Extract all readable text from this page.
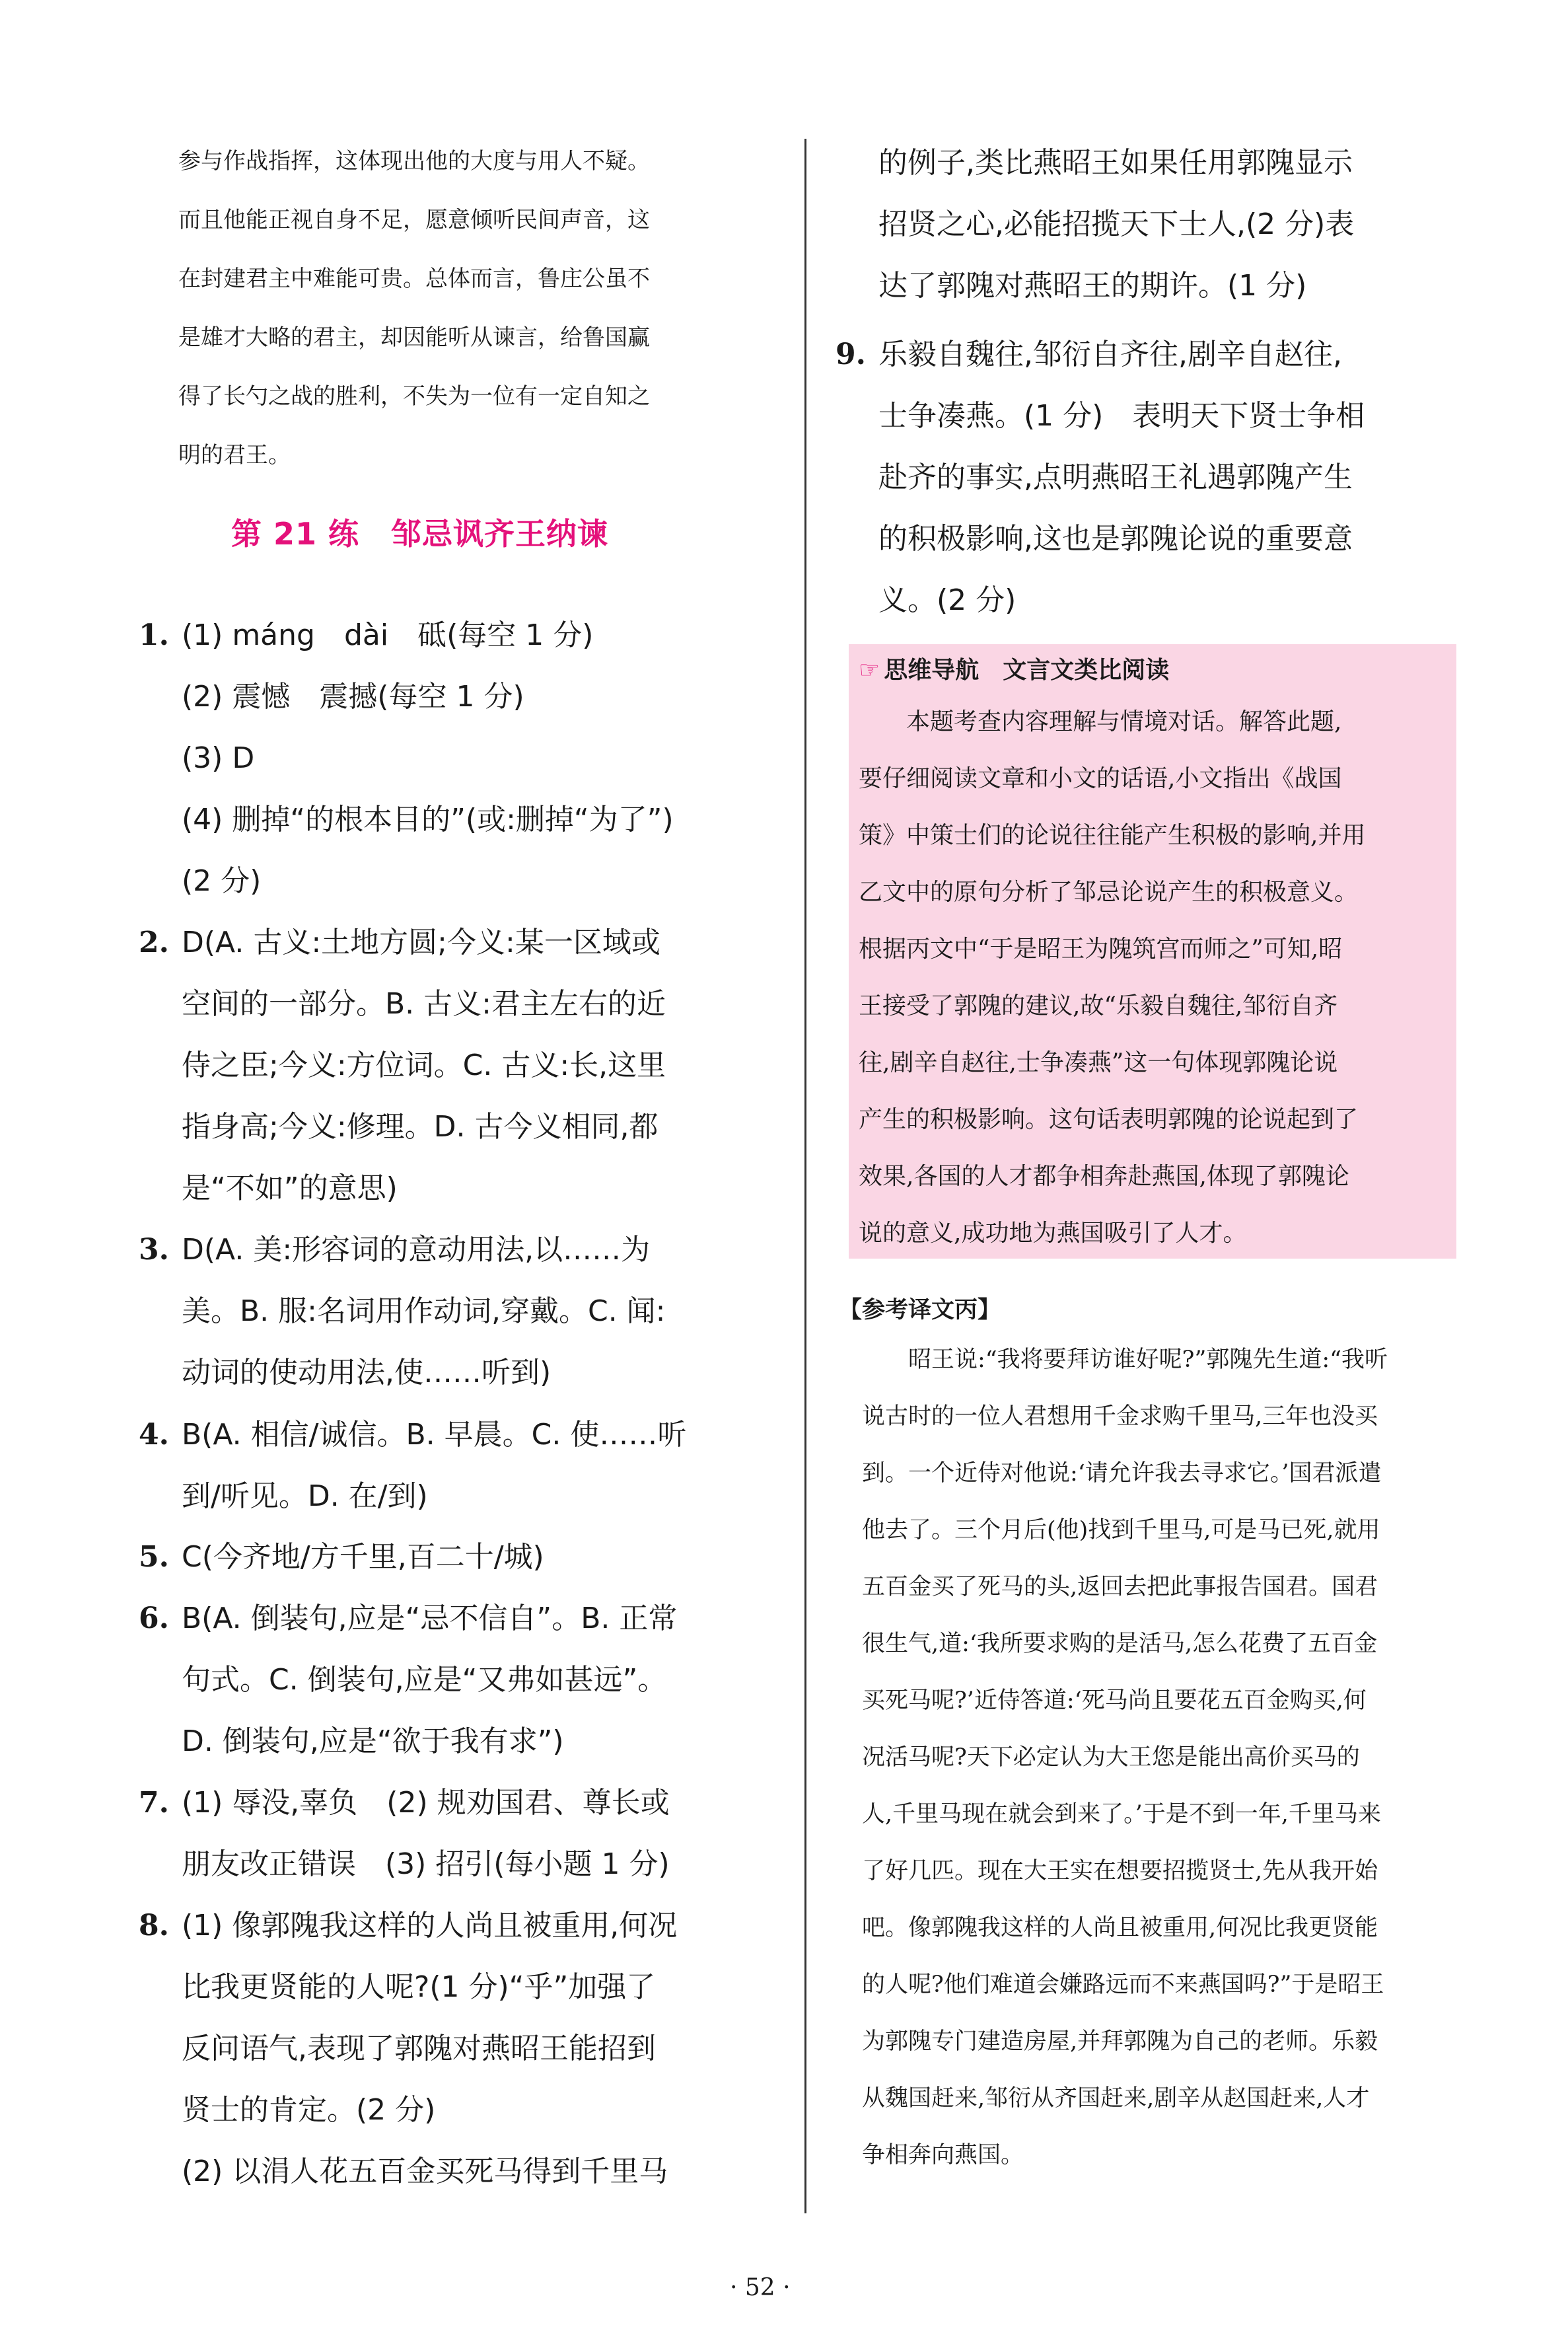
参与作战指挥，这体现出他的大度与用人不疑。

而且他能正视自身不足，愿意倾听民间声音，这

在封建君主中难能可贵。总体而言，鲁庄公虽不

是雄才大略的君主，却因能听从谏言，给鲁国赢

得了长勺之战的胜利，不失为一位有一定自知之

明的君王。

第 21 练 邹忌讽齐王纳谏
1. (1) máng　dài　砥(每空 1 分)
(2) 震憾　震撼(每空 1 分)
(3) D
(4) 删掉“的根本目的”(或:删掉“为了”)
(2 分)
2. D(A. 古义:土地方圆;今义:某一区域或
空间的一部分。B. 古义:君主左右的近
侍之臣;今义:方位词。C. 古义:长,这里
指身高;今义:修理。D. 古今义相同,都
是“不如”的意思)
3. D(A. 美:形容词的意动用法,以……为
美。B. 服:名词用作动词,穿戴。C. 闻:
动词的使动用法,使……听到)
4. B(A. 相信/诚信。B. 早晨。C. 使……听
到/听见。D. 在/到)
5. C(今齐地/方千里,百二十/城)
6. B(A. 倒装句,应是“忌不信自”。B. 正常
句式。C. 倒装句,应是“又弗如甚远”。
D. 倒装句,应是“欲于我有求”)
7. (1) 辱没,辜负　(2) 规劝国君、尊长或
朋友改正错误　(3) 招引(每小题 1 分)
8. (1) 像郭隗我这样的人尚且被重用,何况
比我更贤能的人呢?(1 分)“乎”加强了
反问语气,表现了郭隗对燕昭王能招到
贤士的肯定。(2 分)
(2) 以涓人花五百金买死马得到千里马
的例子,类比燕昭王如果任用郭隗显示
招贤之心,必能招揽天下士人,(2 分)表
达了郭隗对燕昭王的期许。(1 分)
9. 乐毅自魏往,邹衍自齐往,剧辛自赵往,
士争凑燕。(1 分)　表明天下贤士争相
赴齐的事实,点明燕昭王礼遇郭隗产生
的积极影响,这也是郭隗论说的重要意
义。(2 分)
☞ 思维导航 文言文类比阅读
　　本题考查内容理解与情境对话。解答此题,
要仔细阅读文章和小文的话语,小文指出《战国
策》中策士们的论说往往能产生积极的影响,并用
乙文中的原句分析了邹忌论说产生的积极意义。
根据丙文中“于是昭王为隗筑宫而师之”可知,昭
王接受了郭隗的建议,故“乐毅自魏往,邹衍自齐
往,剧辛自赵往,士争凑燕”这一句体现郭隗论说
产生的积极影响。这句话表明郭隗的论说起到了
效果,各国的人才都争相奔赴燕国,体现了郭隗论
说的意义,成功地为燕国吸引了人才。
【参考译文丙】
　　昭王说:“我将要拜访谁好呢?”郭隗先生道:“我听
说古时的一位人君想用千金求购千里马,三年也没买
到。一个近侍对他说:‘请允许我去寻求它。’国君派遣
他去了。三个月后(他)找到千里马,可是马已死,就用
五百金买了死马的头,返回去把此事报告国君。国君
很生气,道:‘我所要求购的是活马,怎么花费了五百金
买死马呢?’近侍答道:‘死马尚且要花五百金购买,何
况活马呢?天下必定认为大王您是能出高价买马的
人,千里马现在就会到来了。’于是不到一年,千里马来
了好几匹。现在大王实在想要招揽贤士,先从我开始
吧。像郭隗我这样的人尚且被重用,何况比我更贤能
的人呢?他们难道会嫌路远而不来燕国吗?”于是昭王
为郭隗专门建造房屋,并拜郭隗为自己的老师。乐毅
从魏国赶来,邹衍从齐国赶来,剧辛从赵国赶来,人才
争相奔向燕国。
· 52 ·
